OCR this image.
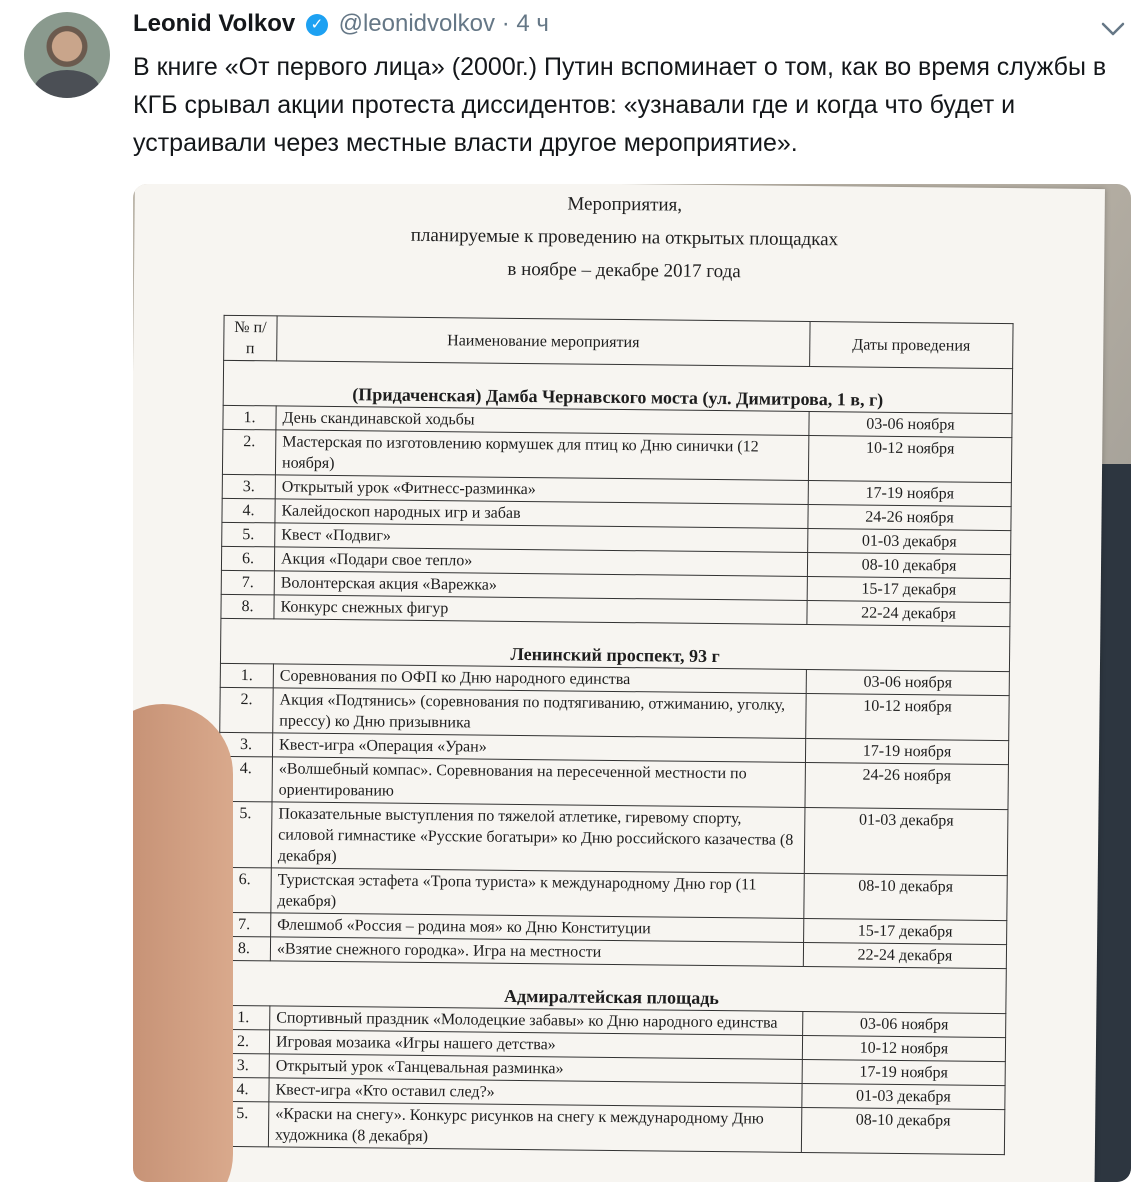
Leonid Volkov ✓ @leonidvolkov · 4 ч
В книге «От первого лица» (2000г.) Путин вспоминает о том, как во время службы в КГБ срывал акции протеста диссидентов: «узнавали где и когда что будет и устраивали через местные власти другое мероприятие».
Мероприятия,
планируемые к проведению на открытых площадках
в ноябре – декабре 2017 года
№ п/п	Наименование мероприятия	Даты проведения
(Придаченская) Дамба Чернавского моста (ул. Димитрова, 1 в, г)		
1.	День скандинавской ходьбы	03-06 ноября
2.	Мастерская по изготовлению кормушек для птиц ко Дню синички (12 ноября)	10-12 ноября
3.	Открытый урок «Фитнесс-разминка»	17-19 ноября
4.	Калейдоскоп народных игр и забав	24-26 ноября
5.	Квест «Подвиг»	01-03 декабря
6.	Акция «Подари свое тепло»	08-10 декабря
7.	Волонтерская акция «Варежка»	15-17 декабря
8.	Конкурс снежных фигур	22-24 декабря
Ленинский проспект, 93 г		
1.	Соревнования по ОФП ко Дню народного единства	03-06 ноября
2.	Акция «Подтянись» (соревнования по подтягиванию, отжиманию, уголку, прессу) ко Дню призывника	10-12 ноября
3.	Квест-игра «Операция «Уран»	17-19 ноября
4.	«Волшебный компас». Соревнования на пересеченной местности по ориентированию	24-26 ноября
5.	Показательные выступления по тяжелой атлетике, гиревому спорту, силовой гимнастике «Русские богатыри» ко Дню российского казачества (8 декабря)	01-03 декабря
6.	Туристская эстафета «Тропа туриста» к международному Дню гор (11 декабря)	08-10 декабря
7.	Флешмоб «Россия – родина моя» ко Дню Конституции	15-17 декабря
8.	«Взятие снежного городка». Игра на местности	22-24 декабря
Адмиралтейская площадь		
1.	Спортивный праздник «Молодецкие забавы» ко Дню народного единства	03-06 ноября
2.	Игровая мозаика «Игры нашего детства»	10-12 ноября
3.	Открытый урок «Танцевальная разминка»	17-19 ноября
4.	Квест-игра «Кто оставил след?»	01-03 декабря
5.	«Краски на снегу». Конкурс рисунков на снегу к международному Дню художника (8 декабря)	08-10 декабря
